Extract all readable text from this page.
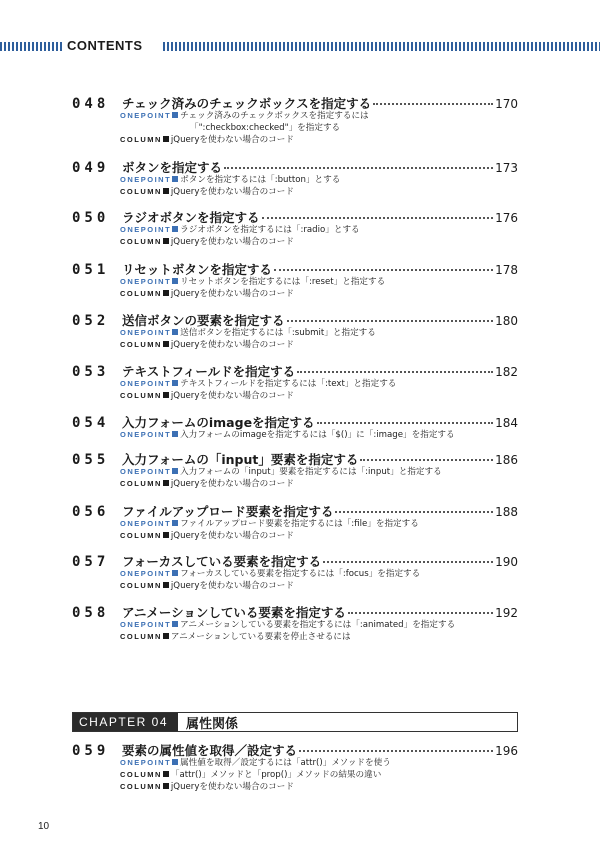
CONTENTS
048	チェック済みのチェックボックスを指定する	170
ONEPOINT チェック済みのチェックボックスを指定するには
「":checkbox:checked"」を指定する
COLUMN jQueryを使わない場合のコード
049	ボタンを指定する	173
ONEPOINT ボタンを指定するには「:button」とする
COLUMN jQueryを使わない場合のコード
050	ラジオボタンを指定する	176
ONEPOINT ラジオボタンを指定するには「:radio」とする
COLUMN jQueryを使わない場合のコード
051	リセットボタンを指定する	178
ONEPOINT リセットボタンを指定するには「:reset」と指定する
COLUMN jQueryを使わない場合のコード
052	送信ボタンの要素を指定する	180
ONEPOINT 送信ボタンを指定するには「:submit」と指定する
COLUMN jQueryを使わない場合のコード
053	テキストフィールドを指定する	182
ONEPOINT テキストフィールドを指定するには「:text」と指定する
COLUMN jQueryを使わない場合のコード
054	入力フォームのimageを指定する	184
ONEPOINT 入力フォームのimageを指定するには「$()」に「:image」を指定する
055	入力フォームの「input」要素を指定する	186
ONEPOINT 入力フォームの「input」要素を指定するには「:input」と指定する
COLUMN jQueryを使わない場合のコード
056	ファイルアップロード要素を指定する	188
ONEPOINT ファイルアップロード要素を指定するには「:file」を指定する
COLUMN jQueryを使わない場合のコード
057	フォーカスしている要素を指定する	190
ONEPOINT フォーカスしている要素を指定するには「:focus」を指定する
COLUMN jQueryを使わない場合のコード
058	アニメーションしている要素を指定する	192
ONEPOINT アニメーションしている要素を指定するには「:animated」を指定する
COLUMN アニメーションしている要素を停止させるには
CHAPTER 04	属性関係
059	要素の属性値を取得／設定する	196
ONEPOINT 属性値を取得／設定するには「attr()」メソッドを使う
COLUMN 「attr()」メソッドと「prop()」メソッドの結果の違い
COLUMN jQueryを使わない場合のコード
10
